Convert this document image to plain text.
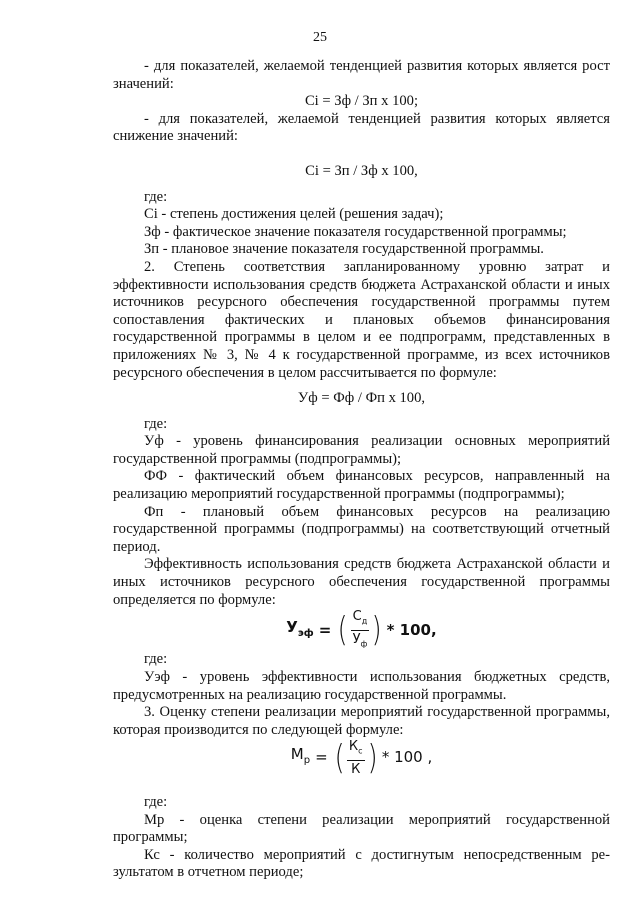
25

- для показателей, желаемой тенденцией развития которых является рост значений:

Ci = Зф / Зп х 100;

- для показателей, желаемой тенденцией развития которых является снижение значений:

Ci = Зп / Зф х 100,

где:

Ci - степень достижения целей (решения задач);

Зф - фактическое значение показателя государственной программы;

Зп - плановое значение показателя государственной программы.

2. Степень соответствия запланированному уровню затрат и эффективности использования средств бюджета Астраханской области и иных источников ресурсного обеспечения государственной программы путем сопоставления фактических и плановых объемов финансирования государственной программы в целом и ее подпрограмм, представленных в приложениях № 3, № 4 к государственной программе, из всех источников ресурсного обеспечения в целом рассчитывается по формуле:

Уф = Фф / Фп х 100,

где:

Уф - уровень финансирования реализации основных мероприятий государственной программы (подпрограммы);

ФФ - фактический объем финансовых ресурсов, направленный на реализацию мероприятий государственной программы (подпрограммы);

Фп - плановый объем финансовых ресурсов на реализацию государственной программы (подпрограммы) на соответствующий отчетный период.

Эффективность использования средств бюджета Астраханской области и иных источников ресурсного обеспечения государственной программы определяется по формуле:

$У_{эф}$ = ( $\frac{С_д}{У_ф}$ ) * 100,

где:

Уэф - уровень эффективности использования бюджетных средств, предусмотренных на реализацию государственной программы.

3. Оценку степени реализации мероприятий государственной программы, которая производится по следующей формуле:

$М_р$ = ( $\frac{К_с}{К}$ ) * 100 ,

где:

Мр - оценка степени реализации мероприятий государственной программы;

Кс - количество мероприятий с достигнутым непосредственным ре- зультатом в отчетном периоде;
